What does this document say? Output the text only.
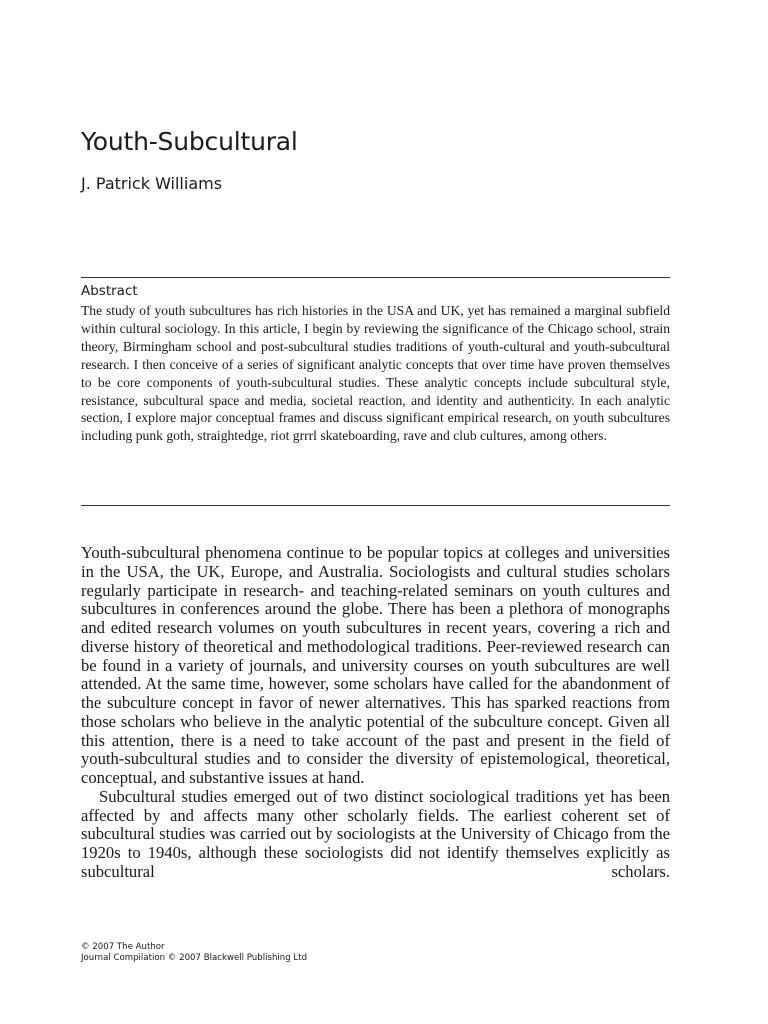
Youth-Subcultural
J. Patrick Williams
Abstract

The study of youth subcultures has rich histories in the USA and UK, yet has remained a marginal subfield within cultural sociology. In this article, I begin by reviewing the significance of the Chicago school, strain theory, Birmingham school and post-subcultural studies traditions of youth-cultural and youth-subcultural research. I then conceive of a series of significant analytic concepts that over time have proven themselves to be core components of youth-subcultural studies. These analytic concepts include subcultural style, resistance, subcultural space and media, societal reaction, and identity and authenticity. In each analytic section, I explore major conceptual frames and discuss significant empirical research, on youth subcultures including punk goth, straightedge, riot grrrl skateboarding, rave and club cultures, among others.

Youth-subcultural phenomena continue to be popular topics at colleges and universities in the USA, the UK, Europe, and Australia. Sociologists and cultural studies scholars regularly participate in research- and teaching-related seminars on youth cultures and subcultures in conferences around the globe. There has been a plethora of monographs and edited research volumes on youth subcultures in recent years, covering a rich and diverse history of theoretical and methodological traditions. Peer-reviewed research can be found in a variety of journals, and university courses on youth subcultures are well attended. At the same time, however, some scholars have called for the abandonment of the subculture concept in favor of newer alternatives. This has sparked reactions from those scholars who believe in the analytic potential of the subculture concept. Given all this attention, there is a need to take account of the past and present in the field of youth-subcultural studies and to consider the diversity of epistemological, theoretical, conceptual, and substantive issues at hand.

Subcultural studies emerged out of two distinct sociological traditions yet has been affected by and affects many other scholarly fields. The earliest coherent set of subcultural studies was carried out by sociologists at the University of Chicago from the 1920s to 1940s, although these sociologists did not identify themselves explicitly as subcultural scholars.

© 2007 The Author
Journal Compilation © 2007 Blackwell Publishing Ltd
